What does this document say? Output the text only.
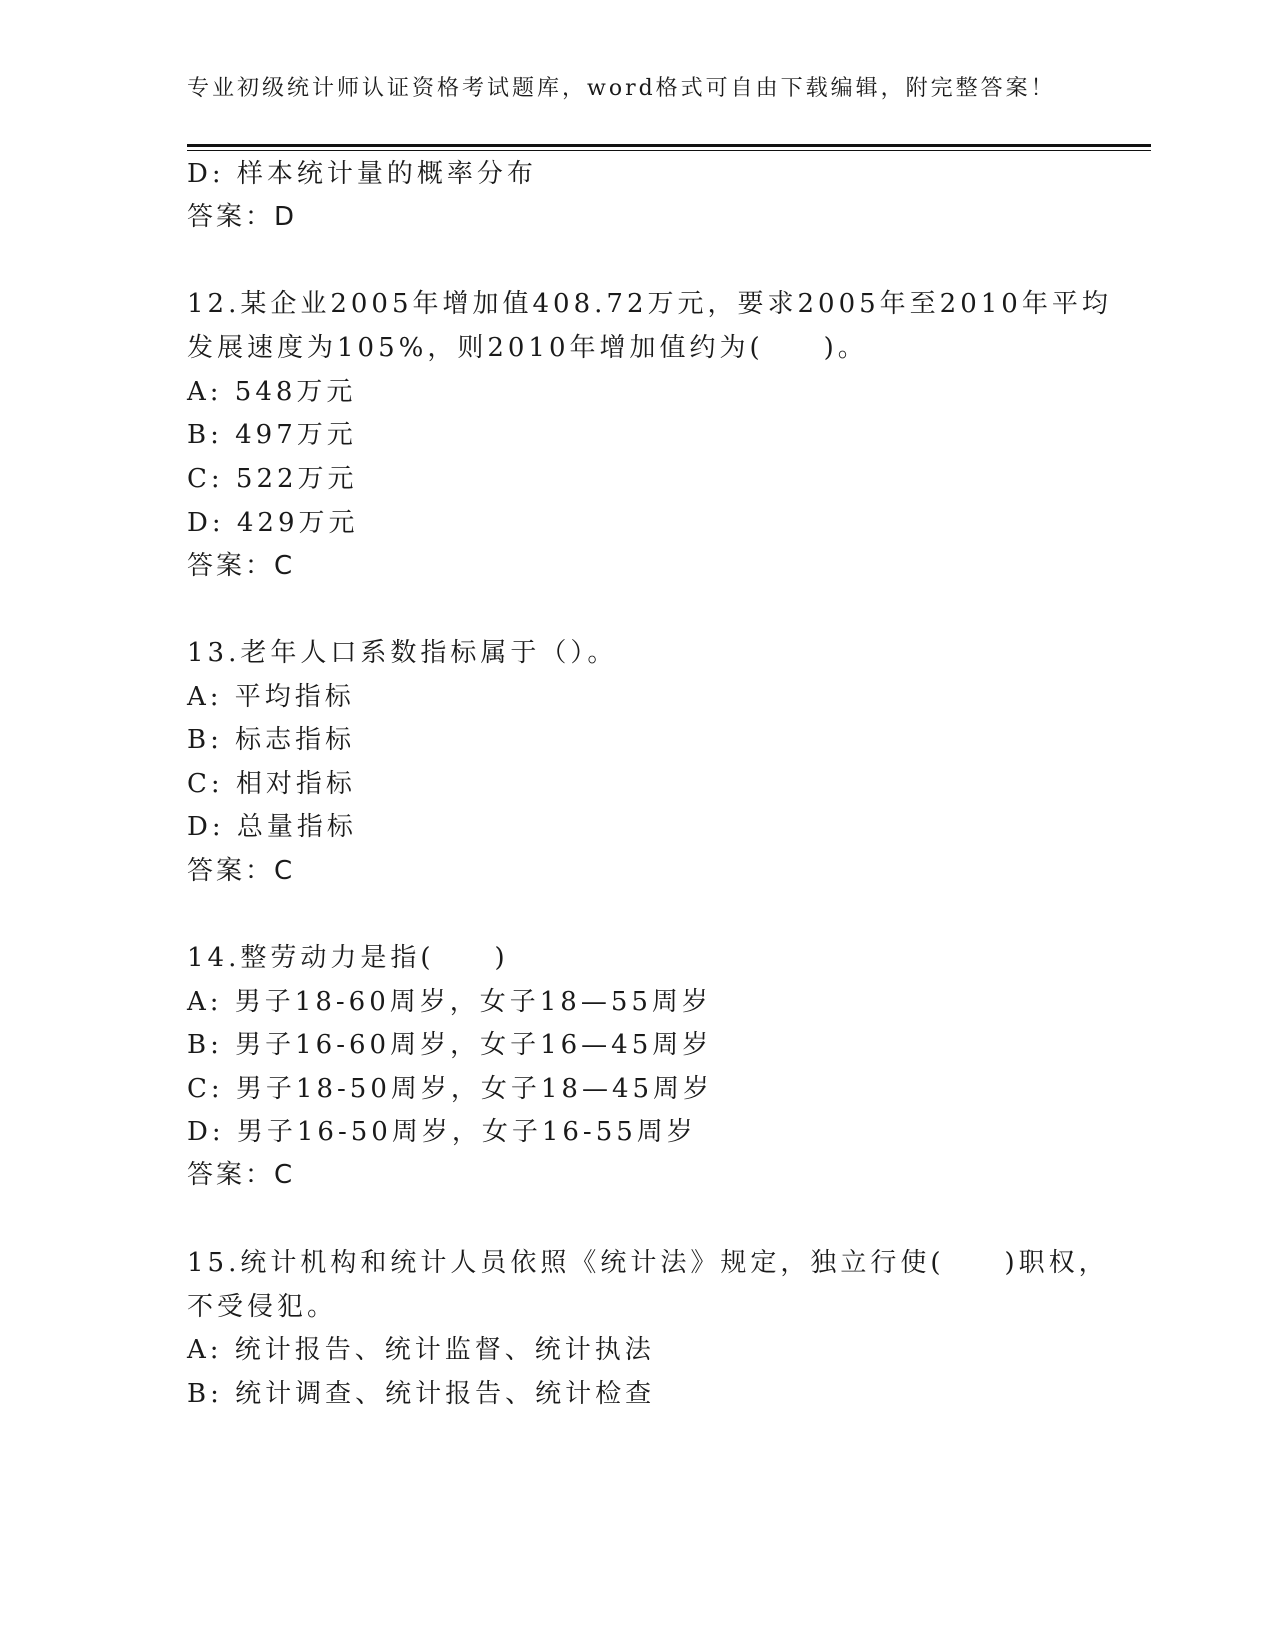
专业初级统计师认证资格考试题库，word格式可自由下载编辑，附完整答案！
D: 样本统计量的概率分布
答案：D
12.某企业2005年增加值408.72万元，要求2005年至2010年平均
发展速度为105%，则2010年增加值约为(　　)。
A: 548万元
B: 497万元
C: 522万元
D: 429万元
答案：C
13.老年人口系数指标属于（）。
A: 平均指标
B: 标志指标
C: 相对指标
D: 总量指标
答案：C
14.整劳动力是指(　　)
A: 男子18-60周岁，女子18—55周岁
B: 男子16-60周岁，女子16—45周岁
C: 男子18-50周岁，女子18—45周岁
D: 男子16-50周岁，女子16-55周岁
答案：C
15.统计机构和统计人员依照《统计法》规定，独立行使(　　)职权，
不受侵犯。
A: 统计报告、统计监督、统计执法
B: 统计调查、统计报告、统计检查
